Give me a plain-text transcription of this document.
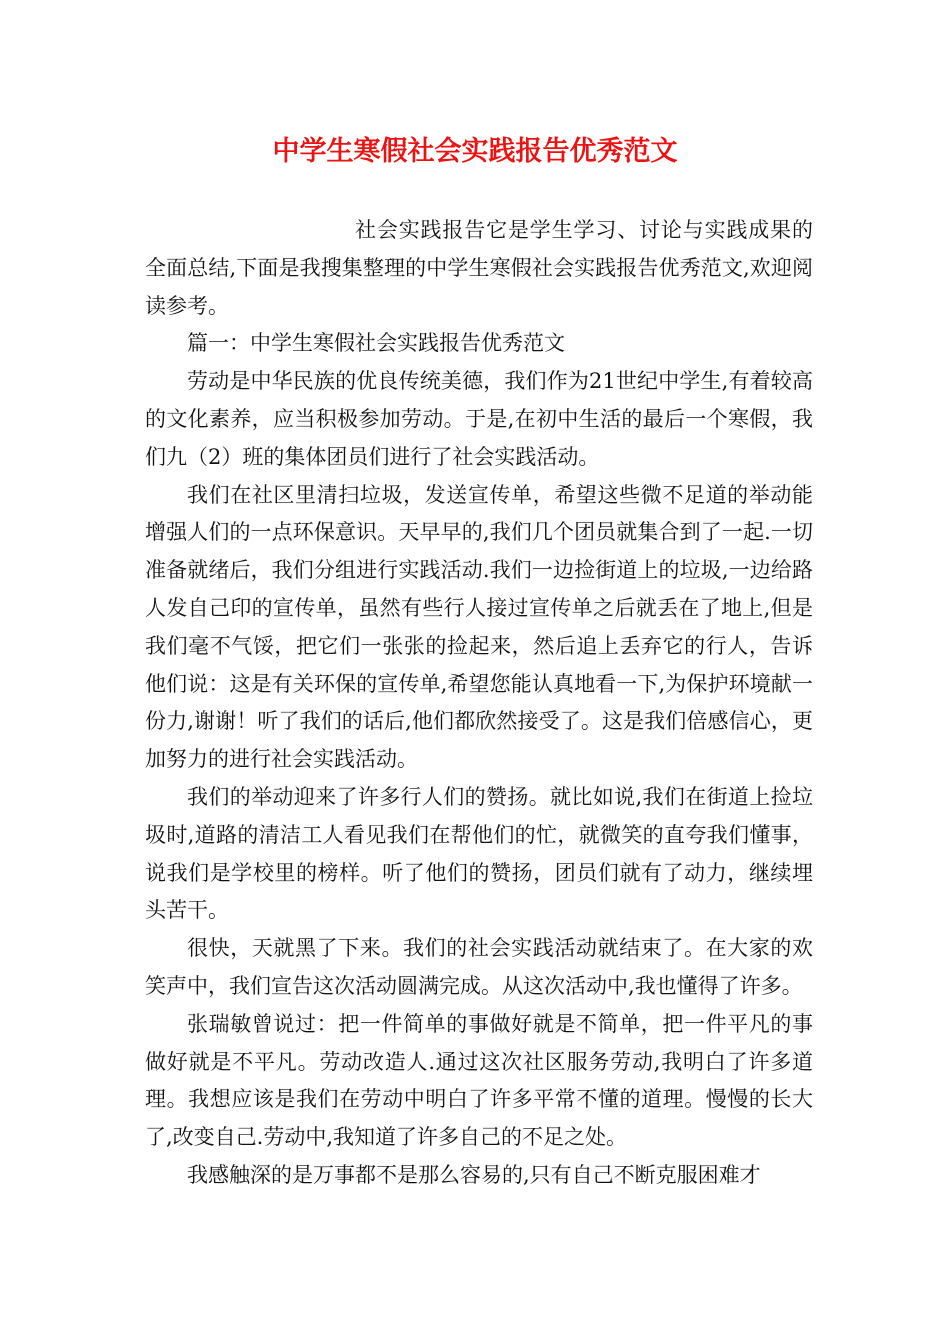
中学生寒假社会实践报告优秀范文

社会实践报告它是学生学习、讨论与实践成果的全面总结,下面是我搜集整理的中学生寒假社会实践报告优秀范文,欢迎阅读参考。

篇一：中学生寒假社会实践报告优秀范文

劳动是中华民族的优良传统美德，我们作为21世纪中学生,有着较高的文化素养，应当积极参加劳动。于是,在初中生活的最后一个寒假，我们九（2）班的集体团员们进行了社会实践活动。

我们在社区里清扫垃圾，发送宣传单，希望这些微不足道的举动能增强人们的一点环保意识。天早早的,我们几个团员就集合到了一起.一切准备就绪后，我们分组进行实践活动.我们一边捡街道上的垃圾,一边给路人发自己印的宣传单，虽然有些行人接过宣传单之后就丢在了地上,但是我们毫不气馁，把它们一张张的捡起来，然后追上丢弃它的行人，告诉他们说：这是有关环保的宣传单,希望您能认真地看一下,为保护环境献一份力,谢谢！听了我们的话后,他们都欣然接受了。这是我们倍感信心，更加努力的进行社会实践活动。

我们的举动迎来了许多行人们的赞扬。就比如说,我们在街道上捡垃圾时,道路的清洁工人看见我们在帮他们的忙，就微笑的直夸我们懂事，说我们是学校里的榜样。听了他们的赞扬，团员们就有了动力，继续埋头苦干。

很快，天就黑了下来。我们的社会实践活动就结束了。在大家的欢笑声中，我们宣告这次活动圆满完成。从这次活动中,我也懂得了许多。

张瑞敏曾说过：把一件简单的事做好就是不简单，把一件平凡的事做好就是不平凡。劳动改造人.通过这次社区服务劳动,我明白了许多道理。我想应该是我们在劳动中明白了许多平常不懂的道理。慢慢的长大了,改变自己.劳动中,我知道了许多自己的不足之处。

我感触深的是万事都不是那么容易的,只有自己不断克服困难才
